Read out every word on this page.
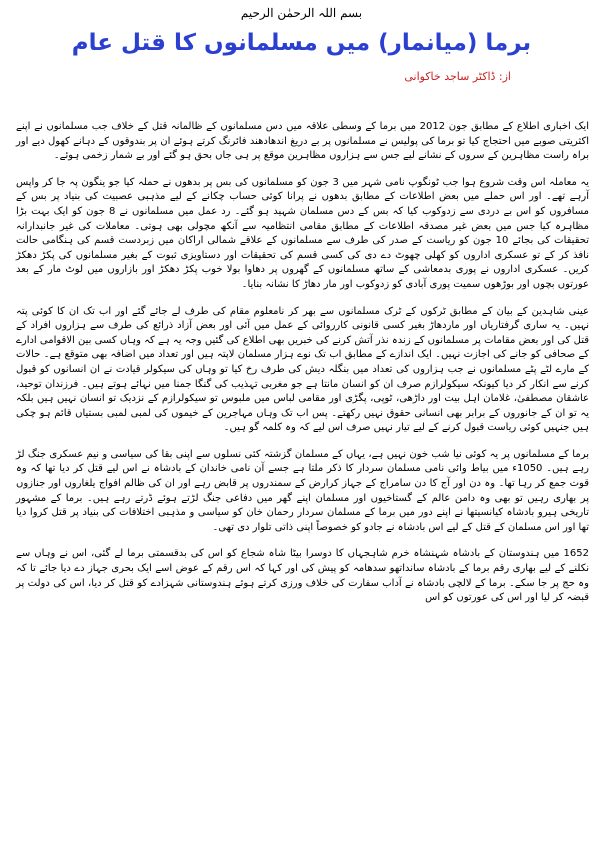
بسم اللہ الرحمٰن الرحیم
برما (میانمار) میں مسلمانوں کا قتل عام
از: ڈاکٹر ساجد خاکوانی

ایک اخباری اطلاع کے مطابق جون 2012 میں برما کے وسطی علاقہ میں دس مسلمانوں کے ظالمانہ قتل کے خلاف جب مسلمانوں نے اپنے اکثریتی صوبے میں احتجاج کیا تو برما کی پولیس نے مسلمانوں پر بے دریغ اندھادھند فائرنگ کرتے ہوئے ان پر بندوقوں کے دہانے کھول دیے اور براہ راست مظاہرین کے سروں کے نشانے لیے جس سے ہزاروں مظاہرین موقع پر ہی جاں بحق ہو گئے اور بے شمار زخمی ہوئے۔

یہ معاملہ اس وقت شروع ہوا جب ٹونگوپ نامی شہر میں 3 جون کو مسلمانوں کی بس پر بدھوں نے حملہ کیا جو ینگون پہ جا کر واپس آرہے تھے۔ اور اس حملے میں بعض اطلاعات کے مطابق بدھوں نے پرانا کوئی حساب چکانے کے لیے مذہبی عصبیت کی بنیاد پر بس کے مسافروں کو اس بے دردی سے زدوکوب کیا کہ بس کے دس مسلمان شہید ہو گئے۔ رد عمل میں مسلمانوں نے 8 جون کو ایک بہت بڑا مظاہرہ کیا جس میں بعض غیر مصدقہ اطلاعات کے مطابق مقامی انتظامیہ سے آنکھ مچولی بھی ہوتی۔ معاملات کی غیر جانبدارانہ تحقیقات کی بجائے 10 جون کو ریاست کے صدر کی طرف سے مسلمانوں کے علاقے شمالی اراکان میں زبردست قسم کی ہنگامی حالت نافذ کر کے تو عسکری اداروں کو کھلی چھوٹ دے دی کی کسی قسم کی تحقیقات اور دستاویزی ثبوت کے بغیر مسلمانوں کی پکڑ دھکڑ کریں۔ عسکری اداروں نے پوری بدمعاشی کے ساتھ مسلمانوں کے گھروں پر دھاوا بولا خوب پکڑ دھکڑ اور بازاروں میں لوٹ مار کے بعد عورتوں بچوں اور بوڑھوں سمیت پوری آبادی کو زدوکوب اور مار دھاڑ کا نشانہ بنایا۔

عینی شاہدین کے بیان کے مطابق ٹرکوں کے ٹرک مسلمانوں سے بھر کر نامعلوم مقام کی طرف لے جائے گئے اور اب تک ان کا کوئی پتہ نہیں۔ یہ ساری گرفتاریاں اور ماردھاڑ بغیر کسی قانونی کارروائی کے عمل میں آئی اور بعض آزاد ذرائع کی طرف سے ہزاروں افراد کے قتل کی اور بعض مقامات پر مسلمانوں کے زندہ نذر آتش کرنے کی خبریں بھی اطلاع کی گئیں وجہ یہ ہے کہ وہاں کسی بین الاقوامی ادارے کے صحافی کو جانے کی اجازت نہیں۔ ایک اندازے کے مطابق اب تک نوے ہزار مسلمان لاپتہ ہیں اور تعداد میں اضافہ بھی متوقع ہے۔ حالات کے مارے لٹے پٹے مسلمانوں نے جب ہزاروں کی تعداد میں بنگلہ دیش کی طرف رخ کیا تو وہاں کی سیکولر قیادت نے ان انسانوں کو قبول کرنے سے انکار کر دیا کیونکہ سیکولرازم صرف ان کو انسان مانتا ہے جو مغربی تہذیب کی گنگا جمنا میں نہائے ہوتے ہیں۔ فرزندان توحید، عاشقان مصطفیٰ، غلامان اہل بیت اور داڑھی، ٹوپی، پگڑی اور مقامی لباس میں ملبوس تو سیکولرازم کے نزدیک تو انسان نہیں ہیں بلکہ یہ تو ان کے جانوروں کے برابر بھی انسانی حقوق نہیں رکھتے۔ پس اب تک وہاں مہاجرین کے خیموں کی لمبی لمبی بستیاں قائم ہو چکی ہیں جنہیں کوئی ریاست قبول کرنے کے لیے تیار نہیں صرف اس لیے کہ وہ کلمہ گو ہیں۔

برما کے مسلمانوں پر یہ کوئی نیا شب خون نہیں ہے، یہاں کے مسلمان گزشتہ کئی نسلوں سے اپنی بقا کی سیاسی و نیم عسکری جنگ لڑ رہے ہیں۔ 1050ء میں بیاط وائی نامی مسلمان سردار کا ذکر ملتا ہے جسے آن نامی خاندان کے بادشاہ نے اس لیے قتل کر دیا تھا کہ وہ قوت جمع کر رہا تھا۔ وہ دن اور آج کا دن سامراج کے جہاز کرارض کے سمندروں پر قابض رہے اور ان کی ظالم افواج یلغاروں اور جنازوں پر بھاری رہیں تو بھی وہ دامن عالم کے گستاخیوں اور مسلمان اپنے گھر میں دفاعی جنگ لڑتے ہوئے ڈرتے رہے ہیں۔ برما کے مشہور تاریخی ہیرو بادشاہ کیانسیتھا نے اپنے دور میں برما کے مسلمان سردار رحمان خان کو سیاسی و مذہبی اختلافات کی بنیاد پر قتل کروا دیا تھا اور اس مسلمان کے قتل کے لیے اس بادشاہ نے جادو کو خصوصاً اپنی ذاتی تلوار دی تھی۔

1652 میں ہندوستان کے بادشاہ شہنشاہ خرم شاہجہاں کا دوسرا بیٹا شاہ شجاع کو اس کی بدقسمتی برما لے گئی، اس نے وہاں سے نکلنے کے لیے بھاری رقم برما کے بادشاہ سانداتھو سدھامہ کو پیش کی اور کہا کہ اس رقم کے عوض اسے ایک بحری جہاز دے دیا جائے تا کہ وہ حج پر جا سکے۔ برما کے لالچی بادشاہ نے آداب سفارت کی خلاف ورزی کرتے ہوئے ہندوستانی شہزادے کو قتل کر دیا، اس کی دولت پر قبضہ کر لیا اور اس کی عورتوں کو اس
